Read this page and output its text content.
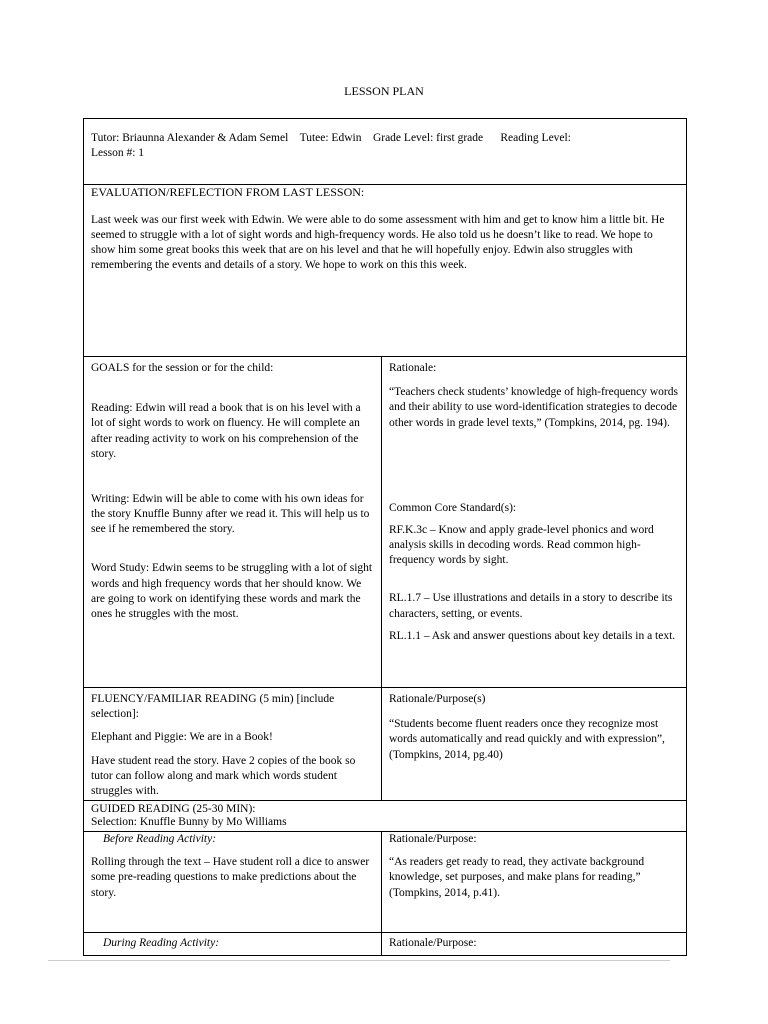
LESSON PLAN

Tutor: Briaunna Alexander & Adam Semel    Tutee: Edwin    Grade Level: first grade      Reading Level:

Lesson #: 1

EVALUATION/REFLECTION FROM LAST LESSON:

Last week was our first week with Edwin. We were able to do some assessment with him and get to know him a little bit. He seemed to struggle with a lot of sight words and high-frequency words. He also told us he doesn’t like to read. We hope to show him some great books this week that are on his level and that he will hopefully enjoy. Edwin also struggles with remembering the events and details of a story. We hope to work on this this week.

GOALS for the session or for the child:

Reading: Edwin will read a book that is on his level with a lot of sight words to work on fluency. He will complete an after reading activity to work on his comprehension of the story.

Writing: Edwin will be able to come with his own ideas for the story Knuffle Bunny after we read it. This will help us to see if he remembered the story.

Word Study: Edwin seems to be struggling with a lot of sight words and high frequency words that her should know. We are going to work on identifying these words and mark the ones he struggles with the most.

Rationale:

“Teachers check students’ knowledge of high-frequency words and their ability to use word-identification strategies to decode other words in grade level texts,” (Tompkins, 2014, pg. 194).

Common Core Standard(s):

RF.K.3c – Know and apply grade-level phonics and word analysis skills in decoding words. Read common high-frequency words by sight.

RL.1.7 – Use illustrations and details in a story to describe its characters, setting, or events.

RL.1.1 – Ask and answer questions about key details in a text.

FLUENCY/FAMILIAR READING (5 min) [include selection]:

Elephant and Piggie: We are in a Book!

Have student read the story. Have 2 copies of the book so tutor can follow along and mark which words student struggles with.

Rationale/Purpose(s)

“Students become fluent readers once they recognize most words automatically and read quickly and with expression”, (Tompkins, 2014, pg.40)

GUIDED READING (25-30 MIN):

Selection: Knuffle Bunny by Mo Williams

Before Reading Activity:

Rolling through the text – Have student roll a dice to answer some pre-reading questions to make predictions about the story.

Rationale/Purpose:

“As readers get ready to read, they activate background knowledge, set purposes, and make plans for reading,” (Tompkins, 2014, p.41).

During Reading Activity:	Rationale/Purpose:
